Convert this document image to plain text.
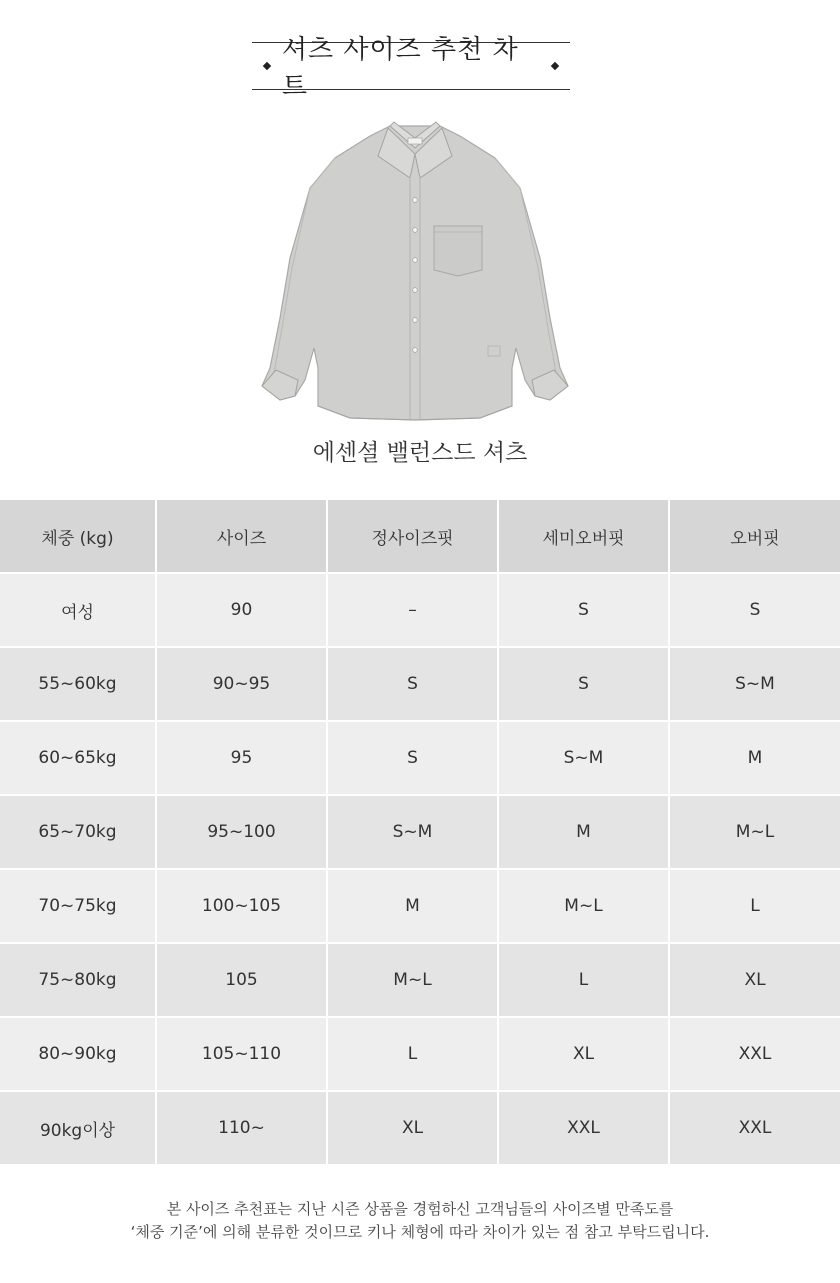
셔츠 사이즈 추천 차트
에센셜 밸런스드 셔츠
체중 (kg)	사이즈	정사이즈핏	세미오버핏	오버핏
여성	90	–	S	S
55~60kg	90~95	S	S	S~M
60~65kg	95	S	S~M	M
65~70kg	95~100	S~M	M	M~L
70~75kg	100~105	M	M~L	L
75~80kg	105	M~L	L	XL
80~90kg	105~110	L	XL	XXL
90kg이상	110~	XL	XXL	XXL
본 사이즈 추천표는 지난 시즌 상품을 경험하신 고객님들의 사이즈별 만족도를
‘체중 기준’에 의해 분류한 것이므로 키나 체형에 따라 차이가 있는 점 참고 부탁드립니다.
